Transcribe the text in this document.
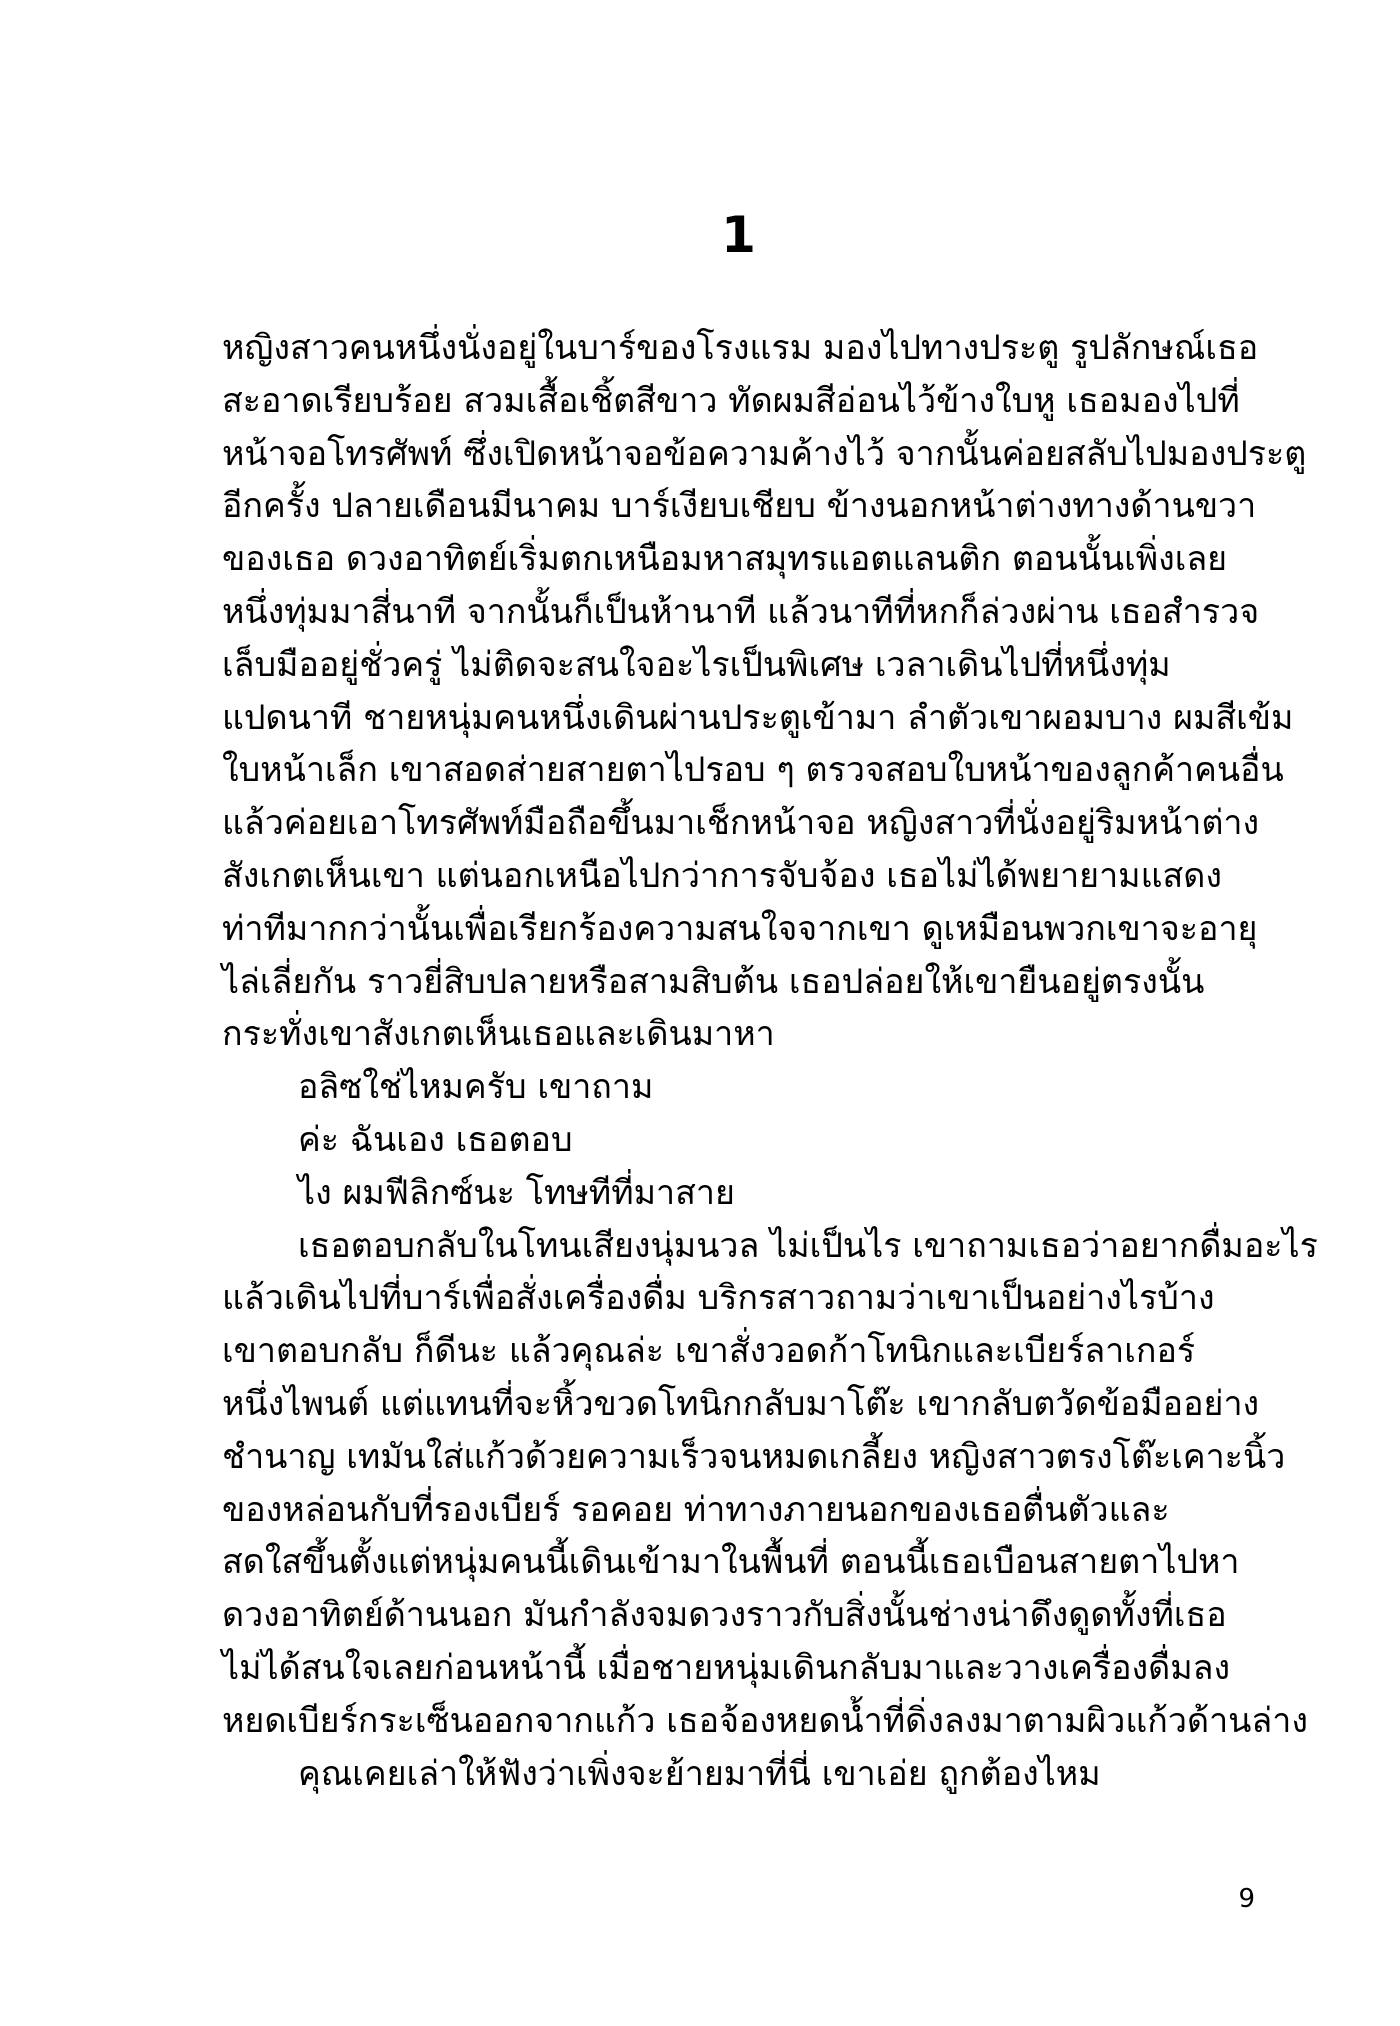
1
หญิงสาวคนหนึ่งนั่งอยู่ในบาร์ของโรงแรม มองไปทางประตู รูปลักษณ์เธอ
สะอาดเรียบร้อย สวมเสื้อเชิ้ตสีขาว ทัดผมสีอ่อนไว้ข้างใบหู เธอมองไปที่
หน้าจอโทรศัพท์ ซึ่งเปิดหน้าจอข้อความค้างไว้ จากนั้นค่อยสลับไปมองประตู
อีกครั้ง ปลายเดือนมีนาคม บาร์เงียบเชียบ ข้างนอกหน้าต่างทางด้านขวา
ของเธอ ดวงอาทิตย์เริ่มตกเหนือมหาสมุทรแอตแลนติก ตอนนั้นเพิ่งเลย
หนึ่งทุ่มมาสี่นาที จากนั้นก็เป็นห้านาที แล้วนาทีที่หกก็ล่วงผ่าน เธอสำรวจ
เล็บมืออยู่ชั่วครู่ ไม่ติดจะสนใจอะไรเป็นพิเศษ เวลาเดินไปที่หนึ่งทุ่ม
แปดนาที ชายหนุ่มคนหนึ่งเดินผ่านประตูเข้ามา ลำตัวเขาผอมบาง ผมสีเข้ม
ใบหน้าเล็ก เขาสอดส่ายสายตาไปรอบ ๆ ตรวจสอบใบหน้าของลูกค้าคนอื่น
แล้วค่อยเอาโทรศัพท์มือถือขึ้นมาเช็กหน้าจอ หญิงสาวที่นั่งอยู่ริมหน้าต่าง
สังเกตเห็นเขา แต่นอกเหนือไปกว่าการจับจ้อง เธอไม่ได้พยายามแสดง
ท่าทีมากกว่านั้นเพื่อเรียกร้องความสนใจจากเขา ดูเหมือนพวกเขาจะอายุ
ไล่เลี่ยกัน ราวยี่สิบปลายหรือสามสิบต้น เธอปล่อยให้เขายืนอยู่ตรงนั้น
กระทั่งเขาสังเกตเห็นเธอและเดินมาหา
อลิซใช่ไหมครับ เขาถาม
ค่ะ ฉันเอง เธอตอบ
ไง ผมฟีลิกซ์นะ โทษทีที่มาสาย
เธอตอบกลับในโทนเสียงนุ่มนวล ไม่เป็นไร เขาถามเธอว่าอยากดื่มอะไร
แล้วเดินไปที่บาร์เพื่อสั่งเครื่องดื่ม บริกรสาวถามว่าเขาเป็นอย่างไรบ้าง
เขาตอบกลับ ก็ดีนะ แล้วคุณล่ะ เขาสั่งวอดก้าโทนิกและเบียร์ลาเกอร์
หนึ่งไพนต์ แต่แทนที่จะหิ้วขวดโทนิกกลับมาโต๊ะ เขากลับตวัดข้อมืออย่าง
ชำนาญ เทมันใส่แก้วด้วยความเร็วจนหมดเกลี้ยง หญิงสาวตรงโต๊ะเคาะนิ้ว
ของหล่อนกับที่รองเบียร์ รอคอย ท่าทางภายนอกของเธอตื่นตัวและ
สดใสขึ้นตั้งแต่หนุ่มคนนี้เดินเข้ามาในพื้นที่ ตอนนี้เธอเบือนสายตาไปหา
ดวงอาทิตย์ด้านนอก มันกำลังจมดวงราวกับสิ่งนั้นช่างน่าดึงดูดทั้งที่เธอ
ไม่ได้สนใจเลยก่อนหน้านี้ เมื่อชายหนุ่มเดินกลับมาและวางเครื่องดื่มลง
หยดเบียร์กระเซ็นออกจากแก้ว เธอจ้องหยดน้ำที่ดิ่งลงมาตามผิวแก้วด้านล่าง
คุณเคยเล่าให้ฟังว่าเพิ่งจะย้ายมาที่นี่ เขาเอ่ย ถูกต้องไหม
9
